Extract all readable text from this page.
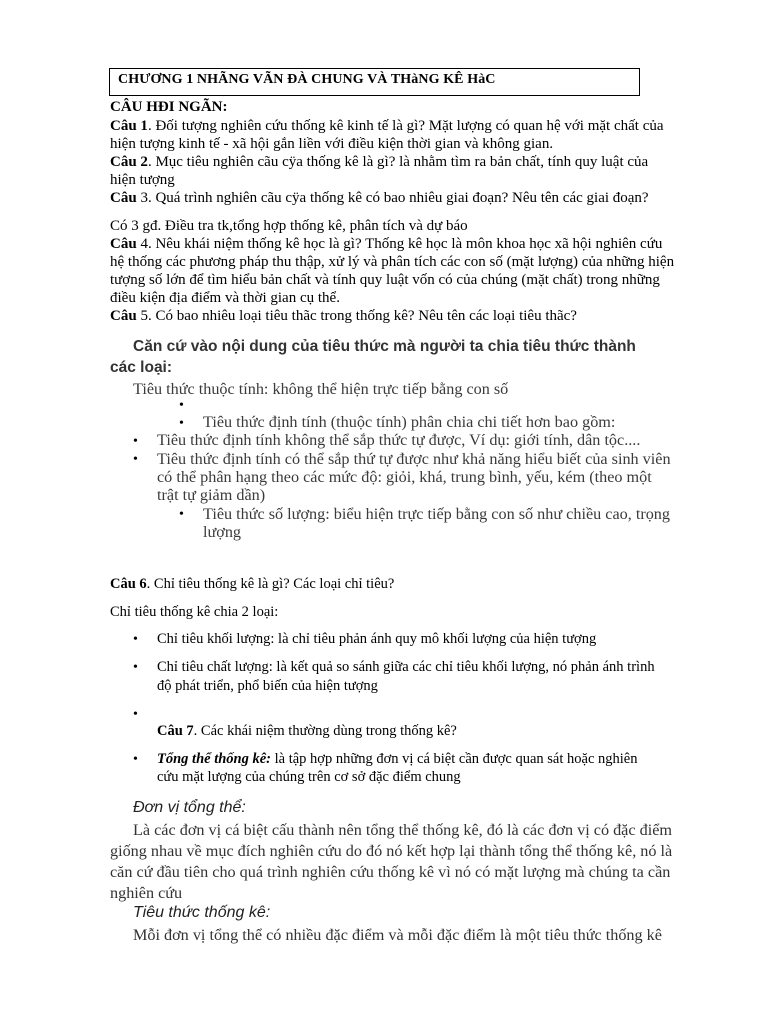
CHƯƠNG 1 NHÃNG VÃN ĐÀ CHUNG VÀ THàNG KÊ HàC
CÂU HÐI NGÃN:
Câu 1. Đối tượng nghiên cứu thống kê kinh tế là gì? Mặt lượng có quan hệ với mặt chất của
hiện tượng kinh tế - xã hội gắn liền với điều kiện thời gian và không gian.
Câu 2. Mục tiêu nghiên cãu cÿa thống kê là gì? là nhằm tìm ra bản chất, tính quy luật của
hiện tượng
Câu 3. Quá trình nghiên cãu cÿa thống kê có bao nhiêu giai đoạn? Nêu tên các giai đoạn?
Có 3 gđ. Điều tra tk,tổng hợp thống kê, phân tích và dự báo
Câu 4. Nêu khái niệm thống kê học là gì? Thống kê học là môn khoa học xã hội nghiên cứu
hệ thống các phương pháp thu thập, xử lý và phân tích các con số (mặt lượng) của những hiện
tượng số lớn để tìm hiểu bản chất và tính quy luật vốn có của chúng (mặt chất) trong những
điều kiện địa điểm và thời gian cụ thể.
Câu 5. Có bao nhiêu loại tiêu thãc trong thống kê? Nêu tên các loại tiêu thãc?
Căn cứ vào nội dung của tiêu thức mà người ta chia tiêu thức thành
các loại:
Tiêu thức thuộc tính: không thể hiện trực tiếp bằng con số
•
• Tiêu thức định tính (thuộc tính) phân chia chi tiết hơn bao gồm:
• Tiêu thức định tính không thể sắp thức tự được, Ví dụ: giới tính, dân tộc....
• Tiêu thức định tính có thể sắp thứ tự được như khả năng hiểu biết của sinh viên
có thể phân hạng theo các mức độ: giỏi, khá, trung bình, yếu, kém (theo một
trật tự giảm dần)
• Tiêu thức số lượng: biểu hiện trực tiếp bằng con số như chiều cao, trọng
lượng
Câu 6. Chỉ tiêu thống kê là gì? Các loại chỉ tiêu?
Chỉ tiêu thống kê chia 2 loại:
• Chỉ tiêu khối lượng: là chỉ tiêu phản ánh quy mô khối lượng của hiện tượng
• Chỉ tiêu chất lượng: là kết quả so sánh giữa các chỉ tiêu khối lượng, nó phản ánh trình
độ phát triển, phổ biến của hiện tượng
•
Câu 7. Các khái niệm thường dùng trong thống kê?
• Tổng thể thống kê: là tập hợp những đơn vị cá biệt cần được quan sát hoặc nghiên
cứu mặt lượng của chúng trên cơ sở đặc điểm chung
Đơn vị tổng thể:
Là các đơn vị cá biệt cấu thành nên tổng thể thống kê, đó là các đơn vị có đặc điểm
giống nhau về mục đích nghiên cứu do đó nó kết hợp lại thành tổng thể thống kê, nó là
căn cứ đầu tiên cho quá trình nghiên cứu thống kê vì nó có mặt lượng mà chúng ta cần
nghiên cứu
Tiêu thức thống kê:
Mỗi đơn vị tổng thể có nhiều đặc điểm và mỗi đặc điểm là một tiêu thức thống kê
